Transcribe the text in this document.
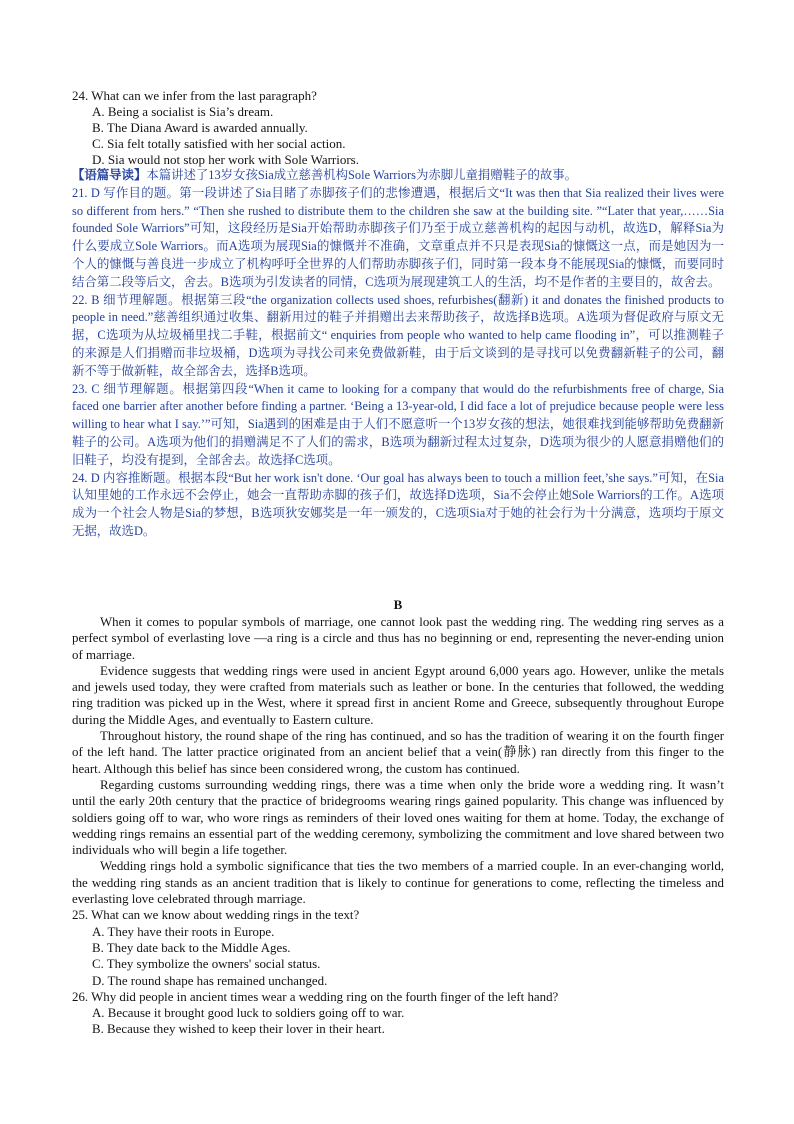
24. What can we infer from the last paragraph?

A. Being a socialist is Sia’s dream.

B. The Diana Award is awarded annually.

C. Sia felt totally satisfied with her social action.

D. Sia would not stop her work with Sole Warriors.

【语篇导读】本篇讲述了13岁女孩Sia成立慈善机构Sole Warriors为赤脚儿童捐赠鞋子的故事。

21. D 写作目的题。第一段讲述了Sia目睹了赤脚孩子们的悲惨遭遇，根据后文“It was then that Sia realized their lives were so different from hers.” “Then she rushed to distribute them to the children she saw at the building site. ”“Later that year,……Sia founded Sole Warriors”可知，这段经历是Sia开始帮助赤脚孩子们乃至于成立慈善机构的起因与动机，故选D，解释Sia为什么要成立Sole Warriors。而A选项为展现Sia的慷慨并不准确，文章重点并不只是表现Sia的慷慨这一点，而是她因为一个人的慷慨与善良进一步成立了机构呼吁全世界的人们帮助赤脚孩子们，同时第一段本身不能展现Sia的慷慨，而要同时结合第二段等后文，舍去。B选项为引发读者的同情，C选项为展现建筑工人的生活，均不是作者的主要目的，故舍去。

22. B 细节理解题。根据第三段“the organization collects used shoes, refurbishes(翻新) it and donates the finished products to people in need.”慈善组织通过收集、翻新用过的鞋子并捐赠出去来帮助孩子，故选择B选项。A选项为督促政府与原文无据，C选项为从垃圾桶里找二手鞋，根据前文“ enquiries from people who wanted to help came flooding in”，可以推测鞋子的来源是人们捐赠而非垃圾桶，D选项为寻找公司来免费做新鞋，由于后文谈到的是寻找可以免费翻新鞋子的公司，翻新不等于做新鞋，故全部舍去，选择B选项。

23. C 细节理解题。根据第四段“When it came to looking for a company that would do the refurbishments free of charge, Sia faced one barrier after another before finding a partner. ‘Being a 13-year-old, I did face a lot of prejudice because people were less willing to hear what I say.’”可知，Sia遇到的困难是由于人们不愿意听一个13岁女孩的想法，她很难找到能够帮助免费翻新鞋子的公司。A选项为他们的捐赠满足不了人们的需求，B选项为翻新过程太过复杂，D选项为很少的人愿意捐赠他们的旧鞋子，均没有提到，全部舍去。故选择C选项。

24. D 内容推断题。根据本段“But her work isn't done. ‘Our goal has always been to touch a million feet,’she says.”可知，在Sia认知里她的工作永远不会停止，她会一直帮助赤脚的孩子们，故选择D选项，Sia不会停止她Sole Warriors的工作。A选项成为一个社会人物是Sia的梦想，B选项狄安娜奖是一年一颁发的，C选项Sia对于她的社会行为十分满意，选项均于原文无据，故选D。

B

When it comes to popular symbols of marriage, one cannot look past the wedding ring. The wedding ring serves as a perfect symbol of everlasting love —a ring is a circle and thus has no beginning or end, representing the never-ending union of marriage.

Evidence suggests that wedding rings were used in ancient Egypt around 6,000 years ago. However, unlike the metals and jewels used today, they were crafted from materials such as leather or bone. In the centuries that followed, the wedding ring tradition was picked up in the West, where it spread first in ancient Rome and Greece, subsequently throughout Europe during the Middle Ages, and eventually to Eastern culture.

Throughout history, the round shape of the ring has continued, and so has the tradition of wearing it on the fourth finger of the left hand. The latter practice originated from an ancient belief that a vein(静脉) ran directly from this finger to the heart. Although this belief has since been considered wrong, the custom has continued.

Regarding customs surrounding wedding rings, there was a time when only the bride wore a wedding ring. It wasn’t until the early 20th century that the practice of bridegrooms wearing rings gained popularity. This change was influenced by soldiers going off to war, who wore rings as reminders of their loved ones waiting for them at home. Today, the exchange of wedding rings remains an essential part of the wedding ceremony, symbolizing the commitment and love shared between two individuals who will begin a life together.

Wedding rings hold a symbolic significance that ties the two members of a married couple. In an ever-changing world, the wedding ring stands as an ancient tradition that is likely to continue for generations to come, reflecting the timeless and everlasting love celebrated through marriage.

25. What can we know about wedding rings in the text?

A. They have their roots in Europe.

B. They date back to the Middle Ages.

C. They symbolize the owners' social status.

D. The round shape has remained unchanged.

26. Why did people in ancient times wear a wedding ring on the fourth finger of the left hand?

A. Because it brought good luck to soldiers going off to war.

B. Because they wished to keep their lover in their heart.
